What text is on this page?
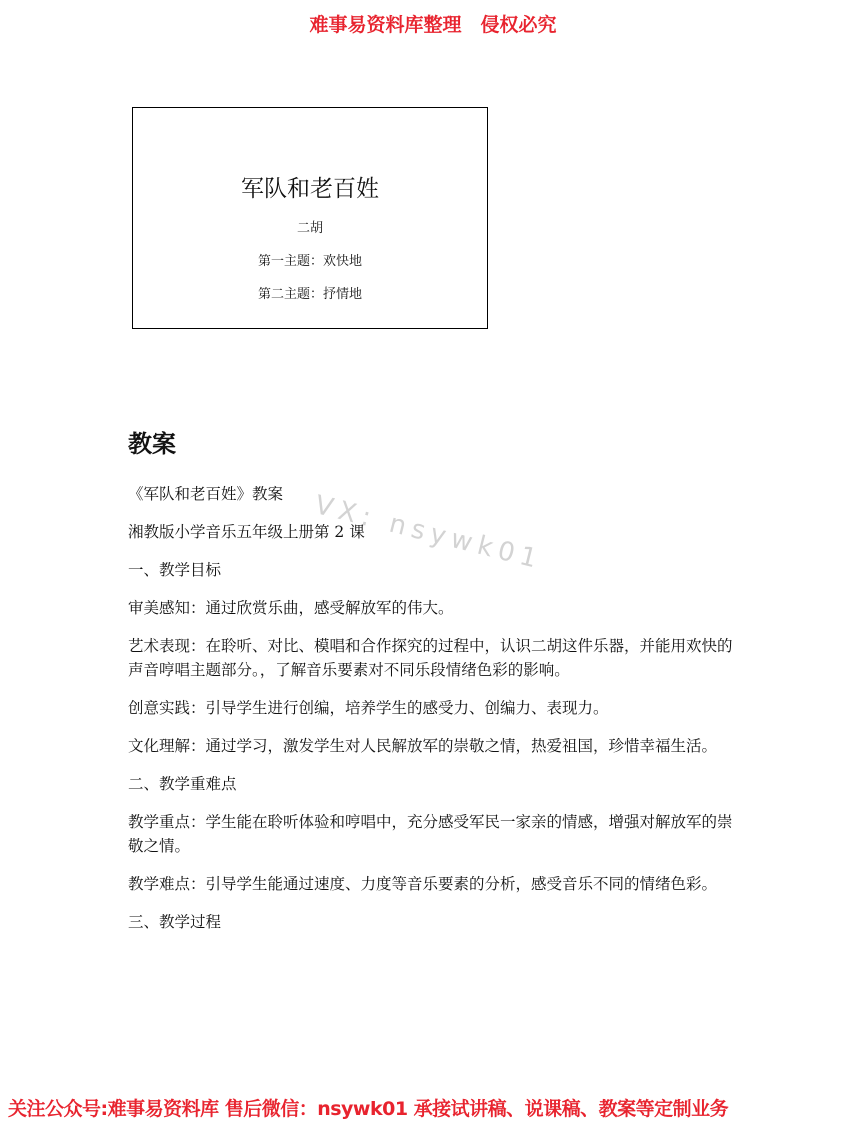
难事易资料库整理　侵权必究
军队和老百姓
二胡
第一主题：欢快地
第二主题：抒情地
教案

《军队和老百姓》教案

湘教版小学音乐五年级上册第 2 课

一、教学目标

审美感知：通过欣赏乐曲，感受解放军的伟大。

艺术表现：在聆听、对比、模唱和合作探究的过程中，认识二胡这件乐器，并能用欢快的声音哼唱主题部分。，了解音乐要素对不同乐段情绪色彩的影响。

创意实践：引导学生进行创编，培养学生的感受力、创编力、表现力。

文化理解：通过学习，激发学生对人民解放军的崇敬之情，热爱祖国，珍惜幸福生活。

二、教学重难点

教学重点：学生能在聆听体验和哼唱中，充分感受军民一家亲的情感，增强对解放军的崇敬之情。

教学难点：引导学生能通过速度、力度等音乐要素的分析，感受音乐不同的情绪色彩。

三、教学过程

VX: nsywk01
关注公众号:难事易资料库 售后微信：nsywk01 承接试讲稿、说课稿、教案等定制业务
